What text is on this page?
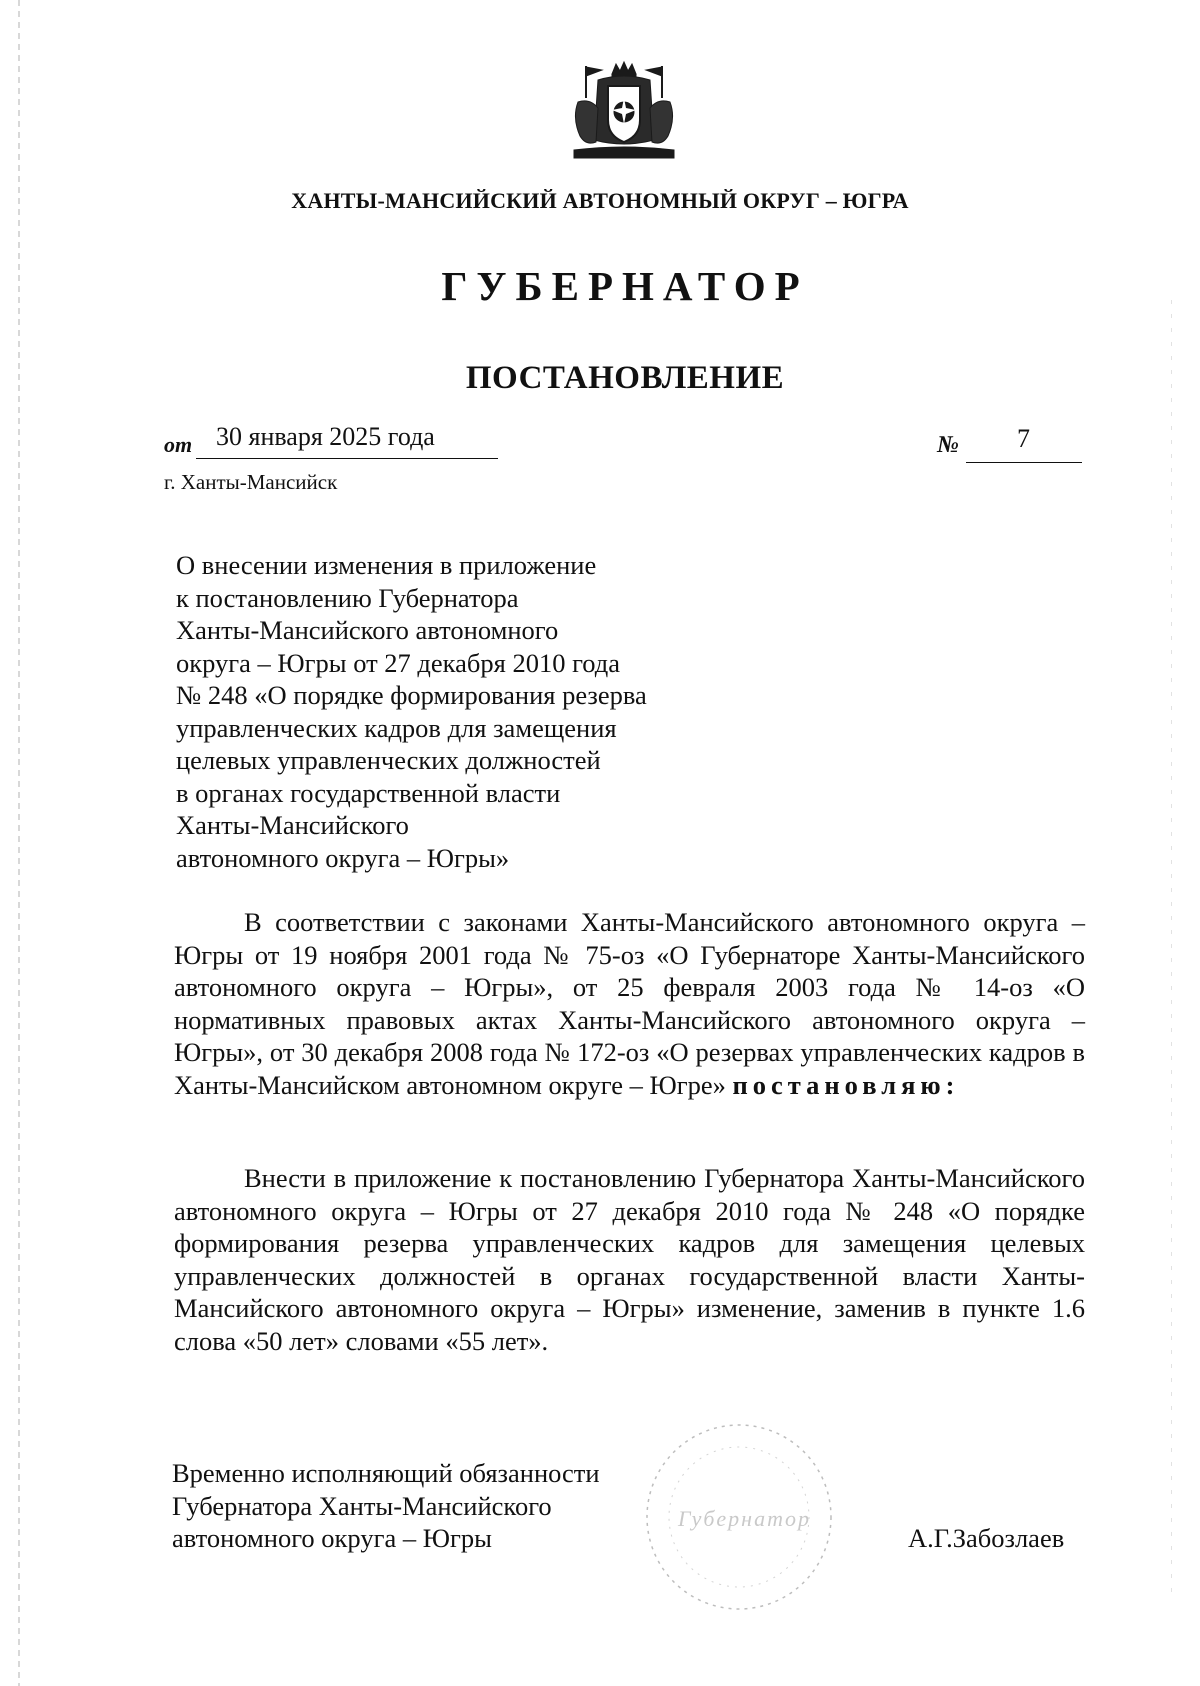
ХАНТЫ-МАНСИЙСКИЙ АВТОНОМНЫЙ ОКРУГ – ЮГРА
ГУБЕРНАТОР
ПОСТАНОВЛЕНИЕ
от 30 января 2025 года	№ 7
г. Ханты-Мансийск

О внесении изменения в приложение
к постановлению Губернатора
Ханты-Мансийского автономного
округа – Югры от 27 декабря 2010 года
№ 248 «О порядке формирования резерва
управленческих кадров для замещения
целевых управленческих должностей
в органах государственной власти
Ханты-Мансийского
автономного округа – Югры»

В соответствии с законами Ханты-Мансийского автономного округа – Югры от 19 ноября 2001 года № 75-оз «О Губернаторе Ханты-Мансийского автономного округа – Югры», от 25 февраля 2003 года № 14-оз «О нормативных правовых актах Ханты-Мансийского автономного округа – Югры», от 30 декабря 2008 года № 172-оз «О резервах управленческих кадров в Ханты-Мансийском автономном округе – Югре» постановляю:

Внести в приложение к постановлению Губернатора Ханты-Мансийского автономного округа – Югры от 27 декабря 2010 года № 248 «О порядке формирования резерва управленческих кадров для замещения целевых управленческих должностей в органах государственной власти Ханты-Мансийского автономного округа – Югры» изменение, заменив в пункте 1.6 слова «50 лет» словами «55 лет».

Временно исполняющий обязанности
Губернатора Ханты-Мансийского
автономного округа – Югры

Губернатор
А.Г.Забозлаев
